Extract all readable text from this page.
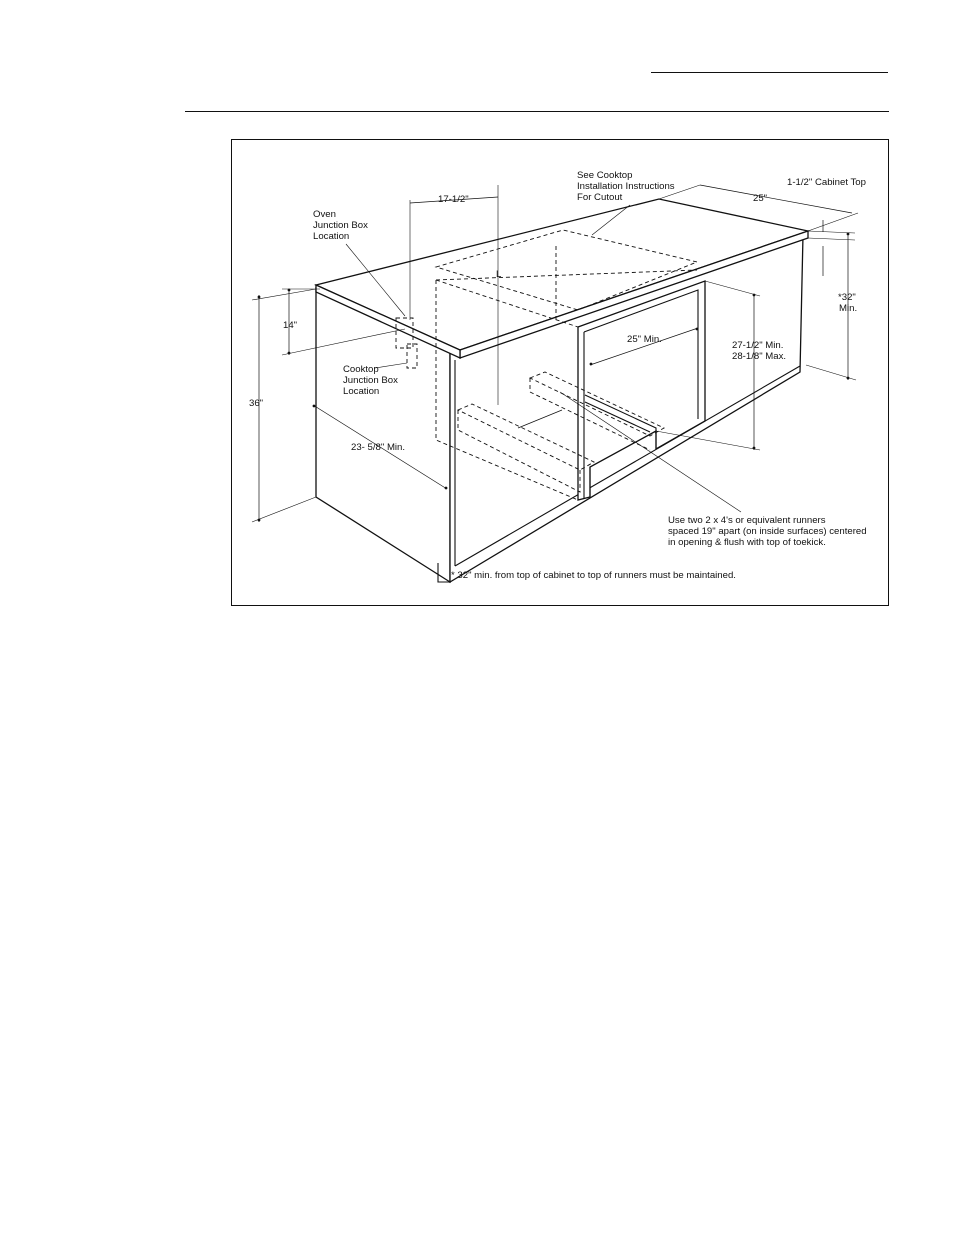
L
Oven
Junction Box
Location
See Cooktop
Installation Instructions
For Cutout
1-1/2" Cabinet Top
25"
17-1/2"
14"
36"
23- 5/8" Min.
Cooktop
Junction Box
Location
25" Min.
27-1/2" Min.
28-1/8" Max.
*32"
Min.
Use two 2 x 4's or equivalent runners
spaced 19" apart (on inside surfaces) centered
in opening & flush with top of toekick.
* 32" min. from top of cabinet to top of runners must be maintained.
